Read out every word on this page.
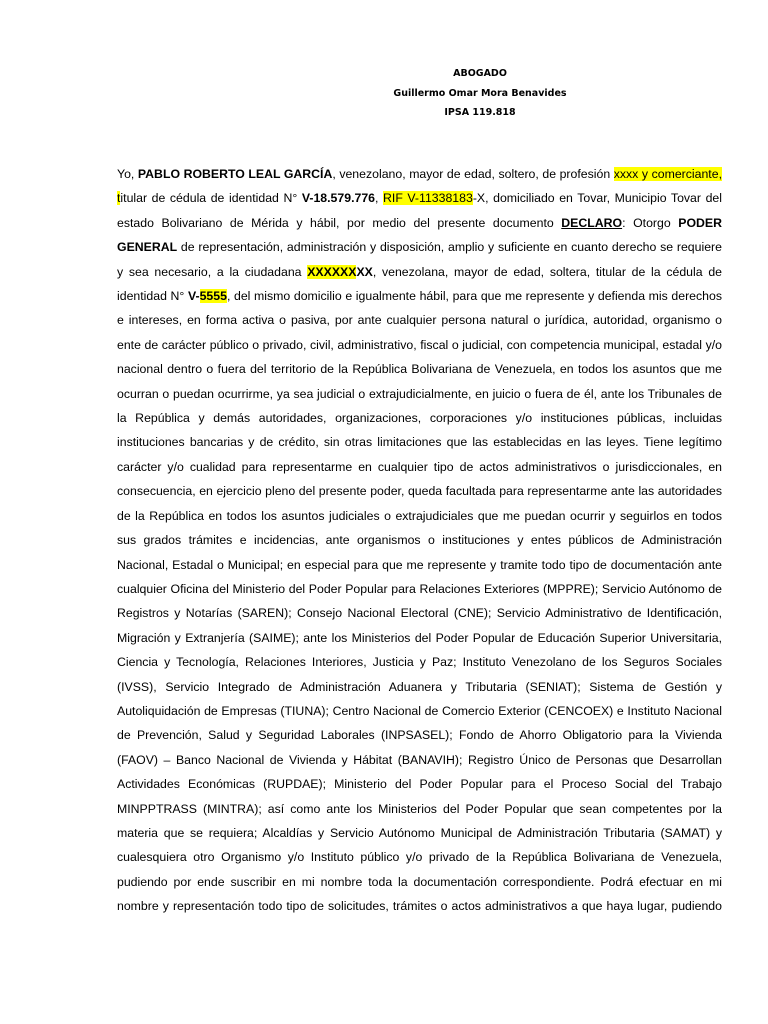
ABOGADO
Guillermo Omar Mora Benavides
IPSA 119.818

Yo, PABLO ROBERTO LEAL GARCÍA, venezolano, mayor de edad, soltero, de profesión xxxx y comerciante, titular de cédula de identidad N° V-18.579.776, RIF V-11338183-X, domiciliado en Tovar, Municipio Tovar del estado Bolivariano de Mérida y hábil, por medio del presente documento DECLARO: Otorgo PODER GENERAL de representación, administración y disposición, amplio y suficiente en cuanto derecho se requiere y sea necesario, a la ciudadana XXXXXXXX, venezolana, mayor de edad, soltera, titular de la cédula de identidad N° V-5555, del mismo domicilio e igualmente hábil, para que me represente y defienda mis derechos e intereses, en forma activa o pasiva, por ante cualquier persona natural o jurídica, autoridad, organismo o ente de carácter público o privado, civil, administrativo, fiscal o judicial, con competencia municipal, estadal y/o nacional dentro o fuera del territorio de la República Bolivariana de Venezuela, en todos los asuntos que me ocurran o puedan ocurrirme, ya sea judicial o extrajudicialmente, en juicio o fuera de él, ante los Tribunales de la República y demás autoridades, organizaciones, corporaciones y/o instituciones públicas, incluidas instituciones bancarias y de crédito, sin otras limitaciones que las establecidas en las leyes. Tiene legítimo carácter y/o cualidad para representarme en cualquier tipo de actos administrativos o jurisdiccionales, en consecuencia, en ejercicio pleno del presente poder, queda facultada para representarme ante las autoridades de la República en todos los asuntos judiciales o extrajudiciales que me puedan ocurrir y seguirlos en todos sus grados trámites e incidencias, ante organismos o instituciones y entes públicos de Administración Nacional, Estadal o Municipal; en especial para que me represente y tramite todo tipo de documentación ante cualquier Oficina del Ministerio del Poder Popular para Relaciones Exteriores (MPPRE); Servicio Autónomo de Registros y Notarías (SAREN); Consejo Nacional Electoral (CNE); Servicio Administrativo de Identificación, Migración y Extranjería (SAIME); ante los Ministerios del Poder Popular de Educación Superior Universitaria, Ciencia y Tecnología, Relaciones Interiores, Justicia y Paz; Instituto Venezolano de los Seguros Sociales (IVSS), Servicio Integrado de Administración Aduanera y Tributaria (SENIAT); Sistema de Gestión y Autoliquidación de Empresas (TIUNA); Centro Nacional de Comercio Exterior (CENCOEX) e Instituto Nacional de Prevención, Salud y Seguridad Laborales (INPSASEL); Fondo de Ahorro Obligatorio para la Vivienda (FAOV) – Banco Nacional de Vivienda y Hábitat (BANAVIH); Registro Único de Personas que Desarrollan Actividades Económicas (RUPDAE); Ministerio del Poder Popular para el Proceso Social del Trabajo MINPPTRASS (MINTRA); así como ante los Ministerios del Poder Popular que sean competentes por la materia que se requiera; Alcaldías y Servicio Autónomo Municipal de Administración Tributaria (SAMAT) y cualesquiera otro Organismo y/o Instituto público y/o privado de la República Bolivariana de Venezuela, pudiendo por ende suscribir en mi nombre toda la documentación correspondiente. Podrá efectuar en mi nombre y representación todo tipo de solicitudes, trámites o actos administrativos a que haya lugar, pudiendo
